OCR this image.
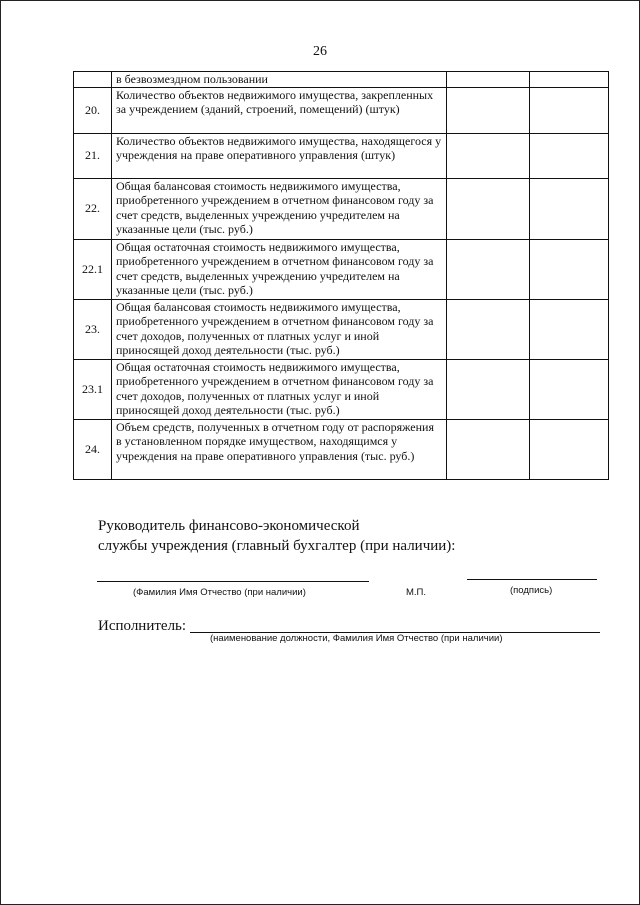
26
	в безвозмездном пользовании		
20.	Количество объектов недвижимого имущества, закрепленных за учреждением (зданий, строений, помещений) (штук)		
21.	Количество объектов недвижимого имущества, находящегося у учреждения на праве оперативного управления (штук)		
22.	Общая балансовая стоимость недвижимого имущества, приобретенного учреждением в отчетном финансовом году за счет средств, выделенных учреждению учредителем на указанные цели (тыс. руб.)		
22.1	Общая остаточная стоимость недвижимого имущества, приобретенного учреждением в отчетном финансовом году за счет средств, выделенных учреждению учредителем на указанные цели (тыс. руб.)		
23.	Общая балансовая стоимость недвижимого имущества, приобретенного учреждением в отчетном финансовом году за счет доходов, полученных от платных услуг и иной приносящей доход деятельности (тыс. руб.)		
23.1	Общая остаточная стоимость недвижимого имущества, приобретенного учреждением в отчетном финансовом году за счет доходов, полученных от платных услуг и иной приносящей доход деятельности (тыс. руб.)		
24.	Объем средств, полученных в отчетном году от распоряжения в установленном порядке имуществом, находящимся у учреждения на праве оперативного управления (тыс. руб.)		
Руководитель финансово-экономической
службы учреждения (главный бухгалтер (при наличии):
(Фамилия Имя Отчество (при наличии)	М.П.	(подпись)
Исполнитель:
(наименование должности, Фамилия Имя Отчество (при наличии)
